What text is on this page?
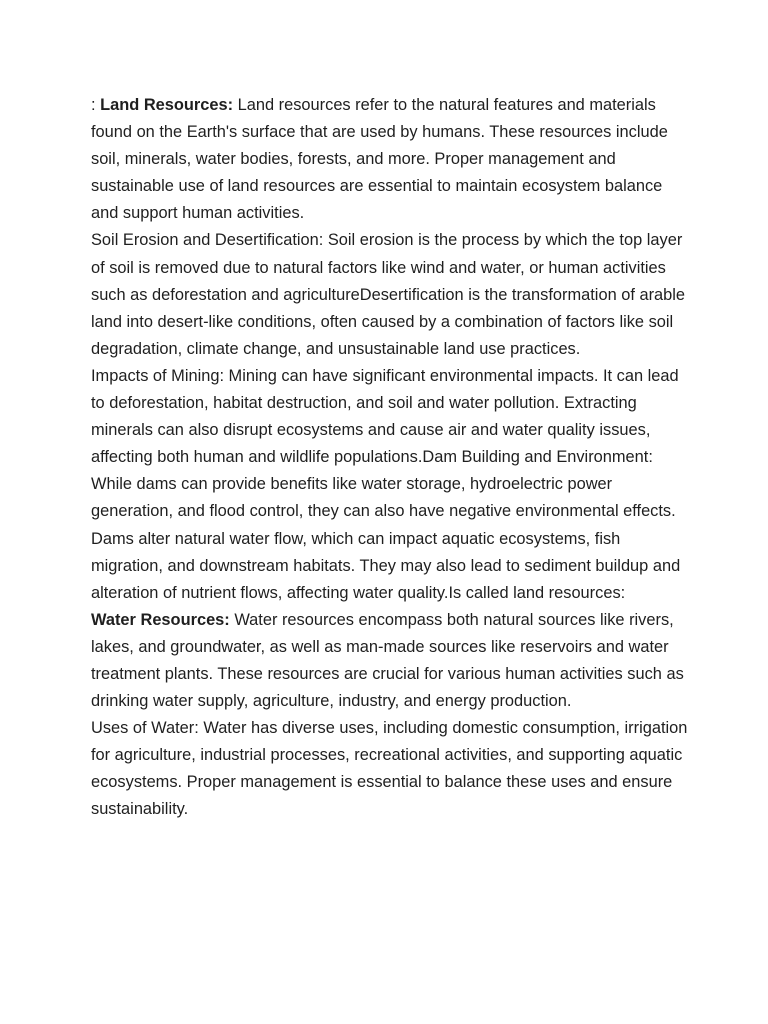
: Land Resources: Land resources refer to the natural features and materials found on the Earth's surface that are used by humans. These resources include soil, minerals, water bodies, forests, and more. Proper management and sustainable use of land resources are essential to maintain ecosystem balance and support human activities.

Soil Erosion and Desertification: Soil erosion is the process by which the top layer of soil is removed due to natural factors like wind and water, or human activities such as deforestation and agricultureDesertification is the transformation of arable land into desert-like conditions, often caused by a combination of factors like soil degradation, climate change, and unsustainable land use practices.

Impacts of Mining: Mining can have significant environmental impacts. It can lead to deforestation, habitat destruction, and soil and water pollution. Extracting minerals can also disrupt ecosystems and cause air and water quality issues, affecting both human and wildlife populations.Dam Building and Environment: While dams can provide benefits like water storage, hydroelectric power generation, and flood control, they can also have negative environmental effects. Dams alter natural water flow, which can impact aquatic ecosystems, fish migration, and downstream habitats. They may also lead to sediment buildup and alteration of nutrient flows, affecting water quality.Is called land resources:

Water Resources: Water resources encompass both natural sources like rivers, lakes, and groundwater, as well as man-made sources like reservoirs and water treatment plants. These resources are crucial for various human activities such as drinking water supply, agriculture, industry, and energy production.

Uses of Water: Water has diverse uses, including domestic consumption, irrigation for agriculture, industrial processes, recreational activities, and supporting aquatic ecosystems. Proper management is essential to balance these uses and ensure sustainability.
